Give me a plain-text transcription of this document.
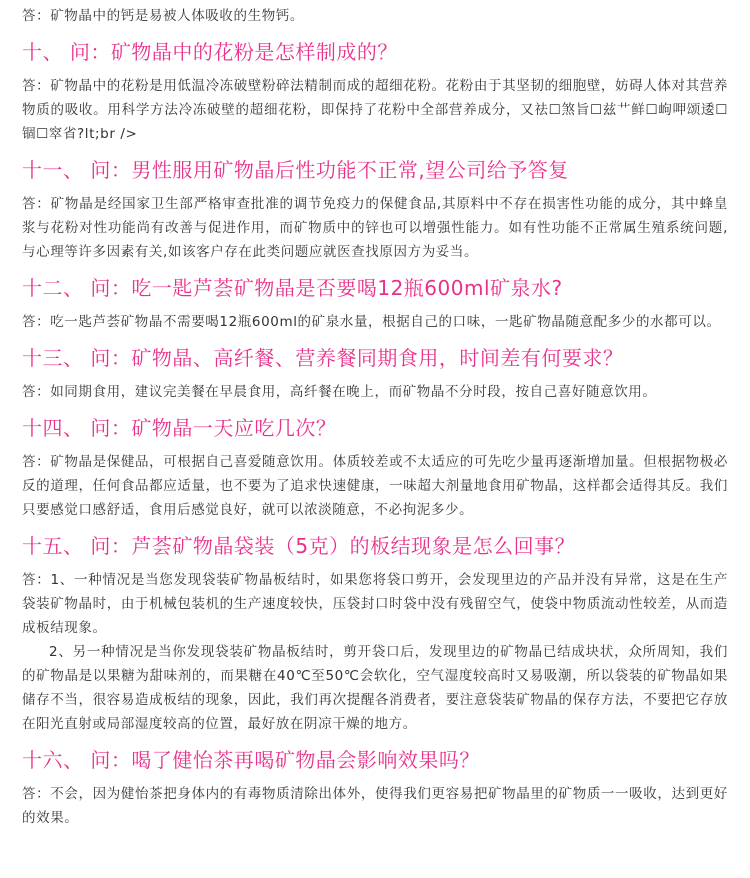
答：矿物晶中的钙是易被人体吸收的生物钙。

十、 问：矿物晶中的花粉是怎样制成的？

答：矿物晶中的花粉是用低温冷冻破壁粉碎法精制而成的超细花粉。花粉由于其坚韧的细胞壁，妨碍人体对其营养物质的吸收。用科学方法冷冻破壁的超细花粉，即保持了花粉中全部营养成分，又祛☐煞旨☐兹艹鲜☐岣呷颂逶☐锢☐窣省?lt;br />

十一、 问：男性服用矿物晶后性功能不正常,望公司给予答复

答：矿物晶是经国家卫生部严格审查批准的调节免疫力的保健食品,其原料中不存在损害性功能的成分，其中蜂皇浆与花粉对性功能尚有改善与促进作用，而矿物质中的锌也可以增强性能力。如有性功能不正常属生殖系统问题,与心理等许多因素有关,如该客户存在此类问题应就医查找原因方为妥当。

十二、 问：吃一匙芦荟矿物晶是否要喝12瓶600ml矿泉水?

答：吃一匙芦荟矿物晶不需要喝12瓶600ml的矿泉水量，根据自己的口味，一匙矿物晶随意配多少的水都可以。

十三、 问：矿物晶、高纤餐、营养餐同期食用，时间差有何要求？

答：如同期食用，建议完美餐在早晨食用，高纤餐在晚上，而矿物晶不分时段，按自己喜好随意饮用。

十四、 问：矿物晶一天应吃几次？

答：矿物晶是保健品，可根据自己喜爱随意饮用。体质较差或不太适应的可先吃少量再逐渐增加量。但根据物极必反的道理，任何食品都应适量，也不要为了追求快速健康，一味超大剂量地食用矿物晶，这样都会适得其反。我们只要感觉口感舒适，食用后感觉良好，就可以浓淡随意，不必拘泥多少。

十五、 问：芦荟矿物晶袋装（5克）的板结现象是怎么回事？

答：1、一种情况是当您发现袋装矿物晶板结时，如果您将袋口剪开，会发现里边的产品并没有异常，这是在生产袋装矿物晶时，由于机械包装机的生产速度较快，压袋封口时袋中没有残留空气，使袋中物质流动性较差，从而造成板结现象。

2、另一种情况是当你发现袋装矿物晶板结时，剪开袋口后，发现里边的矿物晶已结成块状，众所周知，我们的矿物晶是以果糖为甜味剂的，而果糖在40℃至50℃会软化，空气湿度较高时又易吸潮，所以袋装的矿物晶如果储存不当，很容易造成板结的现象，因此，我们再次提醒各消费者，要注意袋装矿物晶的保存方法，不要把它存放在阳光直射或局部湿度较高的位置，最好放在阴凉干燥的地方。

十六、 问：喝了健怡茶再喝矿物晶会影响效果吗？

答：不会，因为健怡茶把身体内的有毒物质清除出体外，使得我们更容易把矿物晶里的矿物质一一吸收，达到更好的效果。
